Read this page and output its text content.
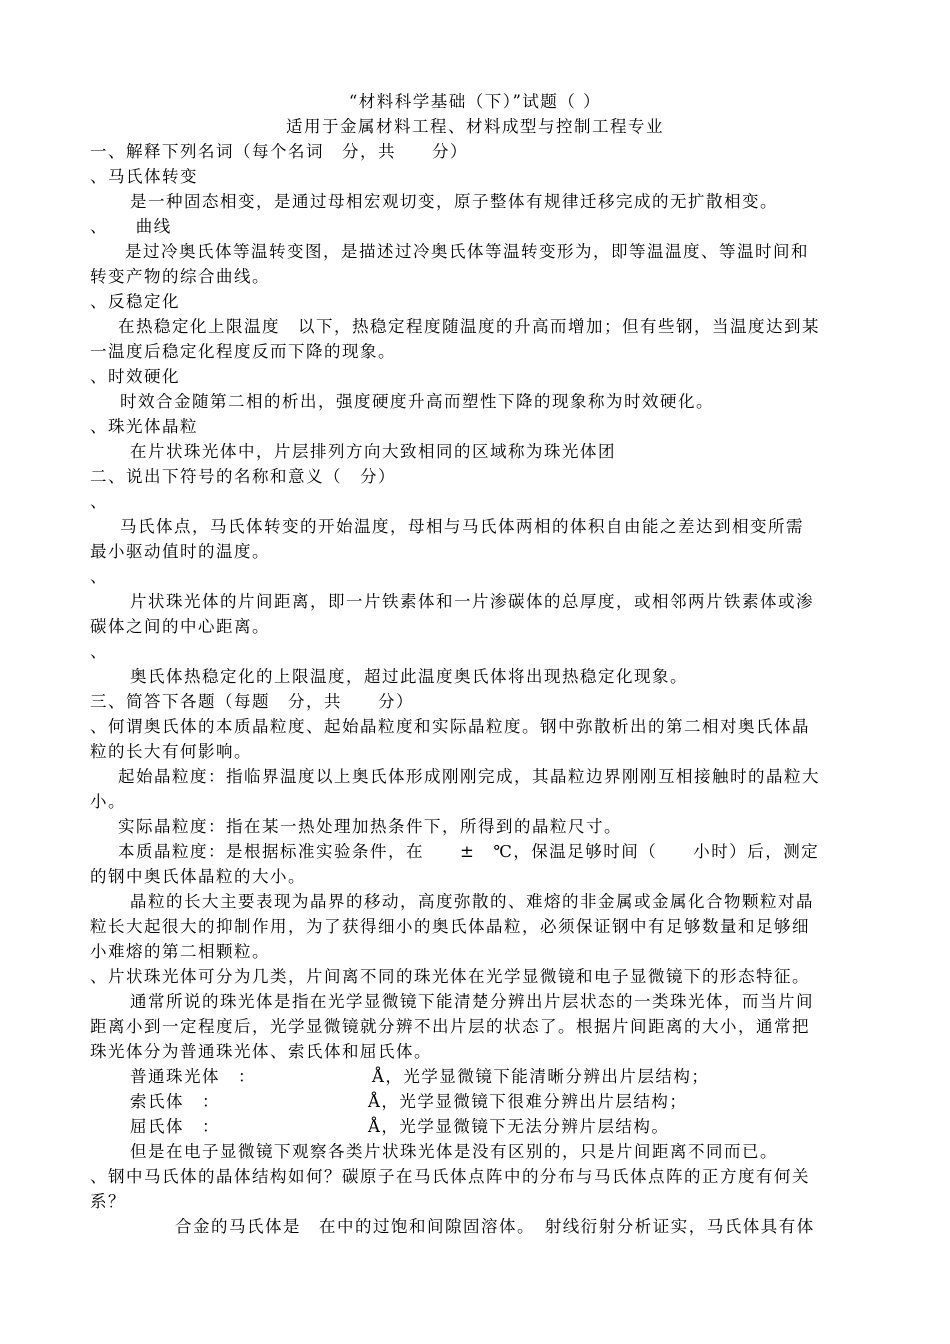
“材料科学基础（下）”试题（ ）
适用于金属材料工程、材料成型与控制工程专业
一、解释下列名词（每个名词　分，共　　分）
、马氏体转变
是一种固态相变，是通过母相宏观切变，原子整体有规律迁移完成的无扩散相变。
、　　曲线
是过冷奥氏体等温转变图，是描述过冷奥氏体等温转变形为，即等温温度、等温时间和
转变产物的综合曲线。
、反稳定化
在热稳定化上限温度　以下，热稳定程度随温度的升高而增加；但有些钢，当温度达到某
一温度后稳定化程度反而下降的现象。
、时效硬化
时效合金随第二相的析出，强度硬度升高而塑性下降的现象称为时效硬化。
、珠光体晶粒
在片状珠光体中，片层排列方向大致相同的区域称为珠光体团
二、说出下符号的名称和意义（　分）
、
马氏体点，马氏体转变的开始温度，母相与马氏体两相的体积自由能之差达到相变所需
最小驱动值时的温度。
、
片状珠光体的片间距离，即一片铁素体和一片渗碳体的总厚度，或相邻两片铁素体或渗
碳体之间的中心距离。
、
奥氏体热稳定化的上限温度，超过此温度奥氏体将出现热稳定化现象。
三、简答下各题（每题　分，共　　分）
、何谓奥氏体的本质晶粒度、起始晶粒度和实际晶粒度。钢中弥散析出的第二相对奥氏体晶
粒的长大有何影响。
起始晶粒度：指临界温度以上奥氏体形成刚刚完成，其晶粒边界刚刚互相接触时的晶粒大
小。
实际晶粒度：指在某一热处理加热条件下，所得到的晶粒尺寸。
本质晶粒度：是根据标准实验条件，在　　±　℃，保温足够时间（　　小时）后，测定
的钢中奥氏体晶粒的大小。
晶粒的长大主要表现为晶界的移动，高度弥散的、难熔的非金属或金属化合物颗粒对晶
粒长大起很大的抑制作用，为了获得细小的奥氏体晶粒，必须保证钢中有足够数量和足够细
小难熔的第二相颗粒。
、片状珠光体可分为几类，片间离不同的珠光体在光学显微镜和电子显微镜下的形态特征。
通常所说的珠光体是指在光学显微镜下能清楚分辨出片层状态的一类珠光体，而当片间
距离小到一定程度后，光学显微镜就分辨不出片层的状态了。根据片间距离的大小，通常把
珠光体分为普通珠光体、索氏体和屈氏体。
普通珠光体　：	Å，光学显微镜下能清晰分辨出片层结构；
索氏体　：	Å，光学显微镜下很难分辨出片层结构；
屈氏体　：	Å，光学显微镜下无法分辨片层结构。
但是在电子显微镜下观察各类片状珠光体是没有区别的，只是片间距离不同而已。
、钢中马氏体的晶体结构如何？碳原子在马氏体点阵中的分布与马氏体点阵的正方度有何关
系？
合金的马氏体是　在中的过饱和间隙固溶体。　射线衍射分析证实，马氏体具有体
